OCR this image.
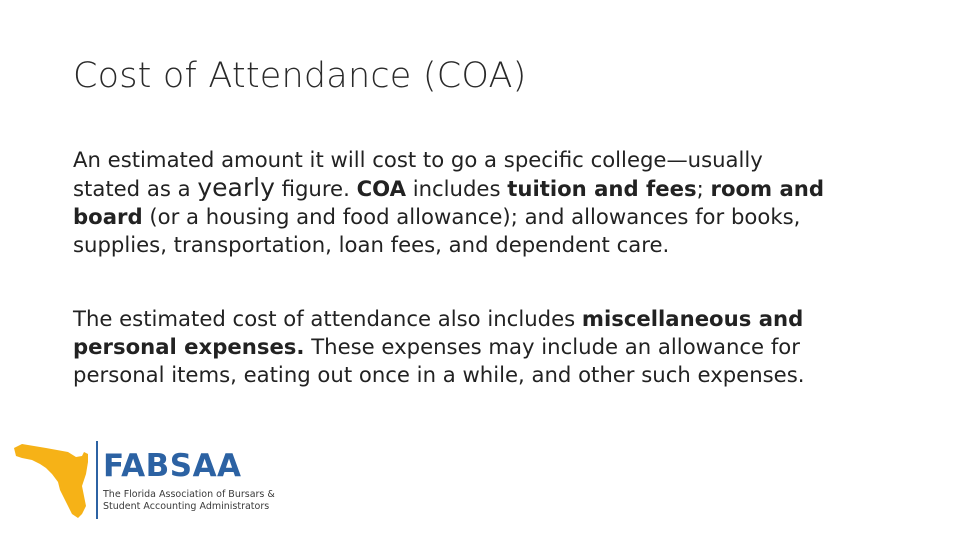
Cost of Attendance (COA)

An estimated amount it will cost to go a specific college—usually
stated as a yearly figure. COA includes tuition and fees; room and
board (or a housing and food allowance); and allowances for books,
supplies, transportation, loan fees, and dependent care.

The estimated cost of attendance also includes miscellaneous and
personal expenses. These expenses may include an allowance for
personal items, eating out once in a while, and other such expenses.

FABSAA
The Florida Association of Bursars &
Student Accounting Administrators
